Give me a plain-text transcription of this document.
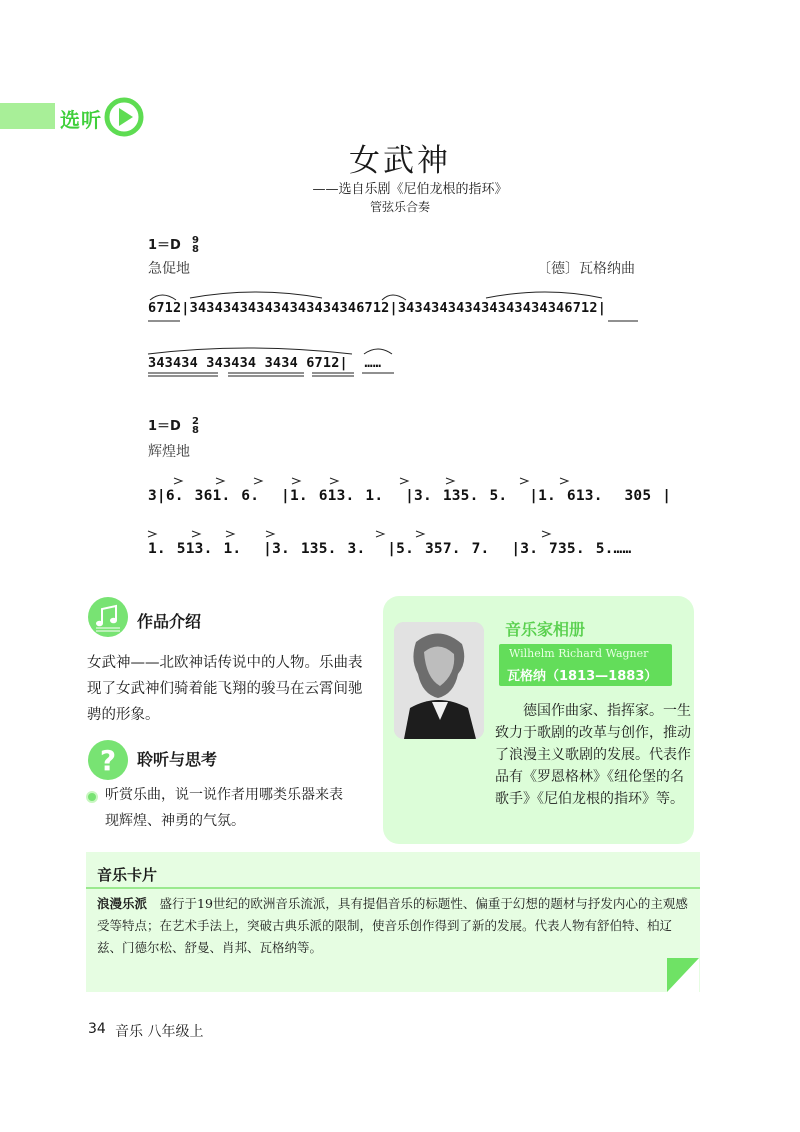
选听
女武神
——选自乐剧《尼伯龙根的指环》
管弦乐合奏
1＝D 9
8
急促地	〔德〕瓦格纳曲
6712|343434343434343434346712|343434343434343434346712|
343434 343434 3434 6712|  ……
1＝D 2
8
辉煌地
3|6. 361. 6.  |1. 613. 1.  |3. 135. 5.  |1. 613.  305 |
1. 513. 1.  |3. 135. 3.  |5. 357. 7.  |3. 735. 5.……
作品介绍
女武神——北欧神话传说中的人物。乐曲表现了女武神们骑着能飞翔的骏马在云霄间驰骋的形象。
? 聆听与思考
听赏乐曲，说一说作者用哪类乐器来表现辉煌、神勇的气氛。
音乐家相册
Wilhelm Richard Wagner
瓦格纳（1813—1883）
　　德国作曲家、指挥家。一生致力于歌剧的改革与创作，推动了浪漫主义歌剧的发展。代表作品有《罗恩格林》《纽伦堡的名歌手》《尼伯龙根的指环》等。
音乐卡片
浪漫乐派　盛行于19世纪的欧洲音乐流派，具有提倡音乐的标题性、偏重于幻想的题材与抒发内心的主观感受等特点；在艺术手法上，突破古典乐派的限制，使音乐创作得到了新的发展。代表人物有舒伯特、柏辽兹、门德尔松、舒曼、肖邦、瓦格纳等。
34 音乐 八年级上
